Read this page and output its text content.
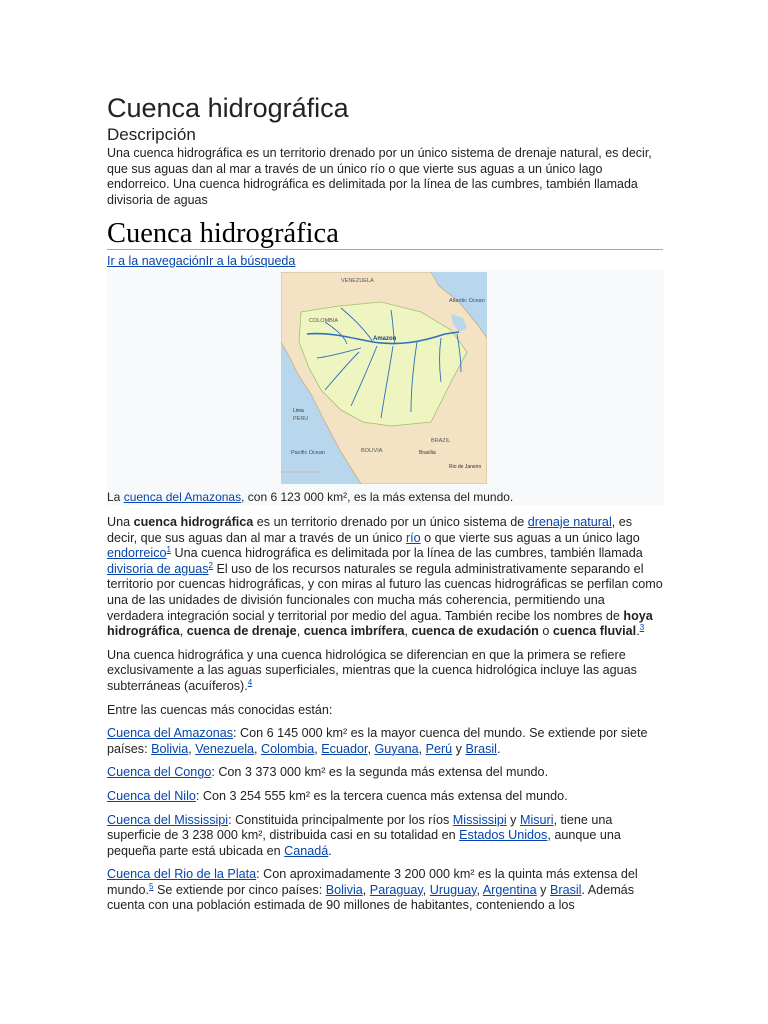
Cuenca hidrográfica
Descripción
Una cuenca hidrográfica es un territorio drenado por un único sistema de drenaje natural, es decir, que sus aguas dan al mar a través de un único río o que vierte sus aguas a un único lago endorreico. Una cuenca hidrográfica es delimitada por la línea de las cumbres, también llamada divisoria de aguas
Cuenca hidrográfica
Ir a la navegaciónIr a la búsqueda
VENEZUELA
COLOMBIA
Atlantic Ocean
Amazon
PERU
Lima
BOLIVIA
BRAZIL
Pacific Ocean	Brasília
Rio de Janeiro
La cuenca del Amazonas, con 6 123 000 km², es la más extensa del mundo.

Una cuenca hidrográfica es un territorio drenado por un único sistema de drenaje natural, es decir, que sus aguas dan al mar a través de un único río o que vierte sus aguas a un único lago endorreico$^1$ Una cuenca hidrográfica es delimitada por la línea de las cumbres, también llamada divisoria de aguas$^2$ El uso de los recursos naturales se regula administrativamente separando el territorio por cuencas hidrográficas, y con miras al futuro las cuencas hidrográficas se perfilan como una de las unidades de división funcionales con mucha más coherencia, permitiendo una verdadera integración social y territorial por medio del agua. También recibe los nombres de hoya hidrográfica, cuenca de drenaje, cuenca imbrífera, cuenca de exudación o cuenca fluvial.$^3$

Una cuenca hidrográfica y una cuenca hidrológica se diferencian en que la primera se refiere exclusivamente a las aguas superficiales, mientras que la cuenca hidrológica incluye las aguas subterráneas (acuíferos).$^4$

Entre las cuencas más conocidas están:

Cuenca del Amazonas: Con 6 145 000 km² es la mayor cuenca del mundo. Se extiende por siete países: Bolivia, Venezuela, Colombia, Ecuador, Guyana, Perú y Brasil.

Cuenca del Congo: Con 3 373 000 km² es la segunda más extensa del mundo.

Cuenca del Nilo: Con 3 254 555 km² es la tercera cuenca más extensa del mundo.

Cuenca del Mississipi: Constituida principalmente por los ríos Mississipi y Misuri, tiene una superficie de 3 238 000 km², distribuida casi en su totalidad en Estados Unidos, aunque una pequeña parte está ubicada en Canadá.

Cuenca del Rio de la Plata: Con aproximadamente 3 200 000 km² es la quinta más extensa del mundo.$^5$ Se extiende por cinco países: Bolivia, Paraguay, Uruguay, Argentina y Brasil. Además cuenta con una población estimada de 90 millones de habitantes, conteniendo a los
